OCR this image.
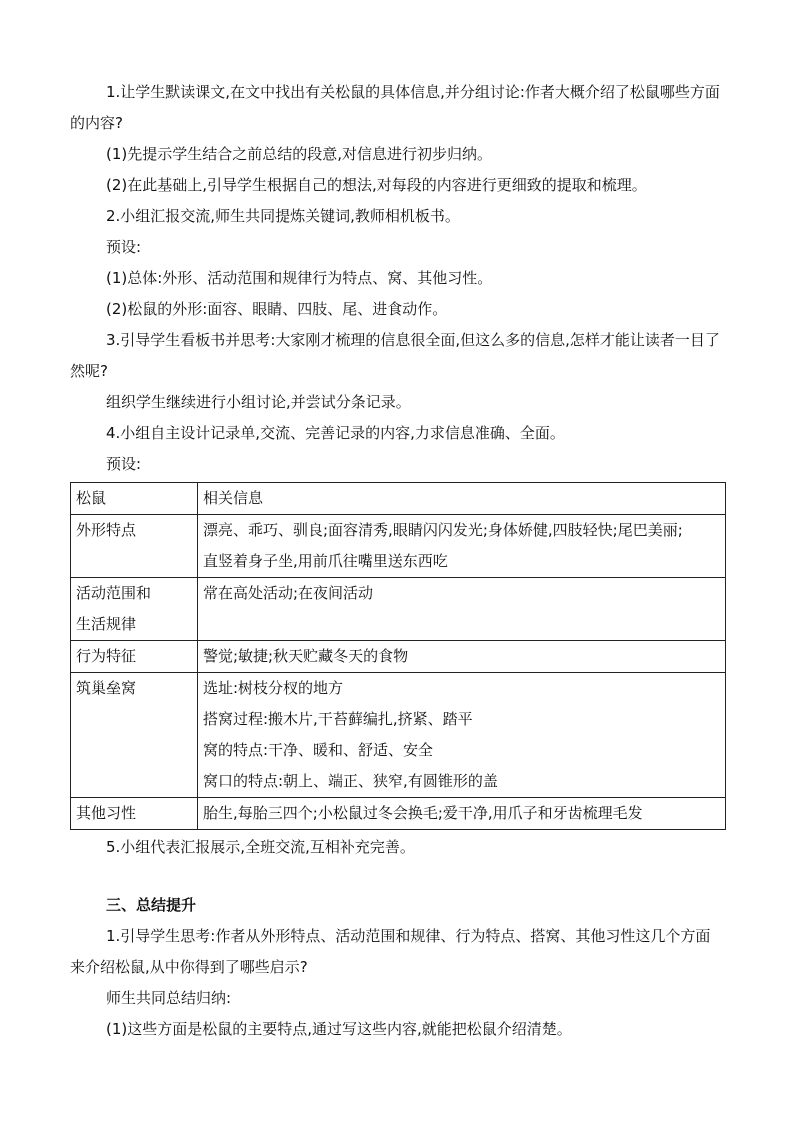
1.让学生默读课文,在文中找出有关松鼠的具体信息,并分组讨论:作者大概介绍了松鼠哪些方面的内容?

(1)先提示学生结合之前总结的段意,对信息进行初步归纳。

(2)在此基础上,引导学生根据自己的想法,对每段的内容进行更细致的提取和梳理。

2.小组汇报交流,师生共同提炼关键词,教师相机板书。

预设:

(1)总体:外形、活动范围和规律行为特点、窝、其他习性。

(2)松鼠的外形:面容、眼睛、四肢、尾、进食动作。

3.引导学生看板书并思考:大家刚才梳理的信息很全面,但这么多的信息,怎样才能让读者一目了然呢?

组织学生继续进行小组讨论,并尝试分条记录。

4.小组自主设计记录单,交流、完善记录的内容,力求信息准确、全面。

预设:

松鼠	相关信息
外形特点	漂亮、乖巧、驯良;面容清秀,眼睛闪闪发光;身体娇健,四肢轻快;尾巴美丽;
直竖着身子坐,用前爪往嘴里送东西吃

活动范围和
生活规律	常在高处活动;在夜间活动

行为特征	警觉;敏捷;秋天贮藏冬天的食物

筑巢垒窝	选址:树枝分杈的地方
搭窝过程:搬木片,干苔藓编扎,挤紧、踏平
窝的特点:干净、暖和、舒适、安全
窝口的特点:朝上、端正、狭窄,有圆锥形的盖

其他习性	胎生,每胎三四个;小松鼠过冬会换毛;爱干净,用爪子和牙齿梳理毛发

5.小组代表汇报展示,全班交流,互相补充完善。

三、总结提升

1.引导学生思考:作者从外形特点、活动范围和规律、行为特点、搭窝、其他习性这几个方面来介绍松鼠,从中你得到了哪些启示?

师生共同总结归纳:

(1)这些方面是松鼠的主要特点,通过写这些内容,就能把松鼠介绍清楚。
